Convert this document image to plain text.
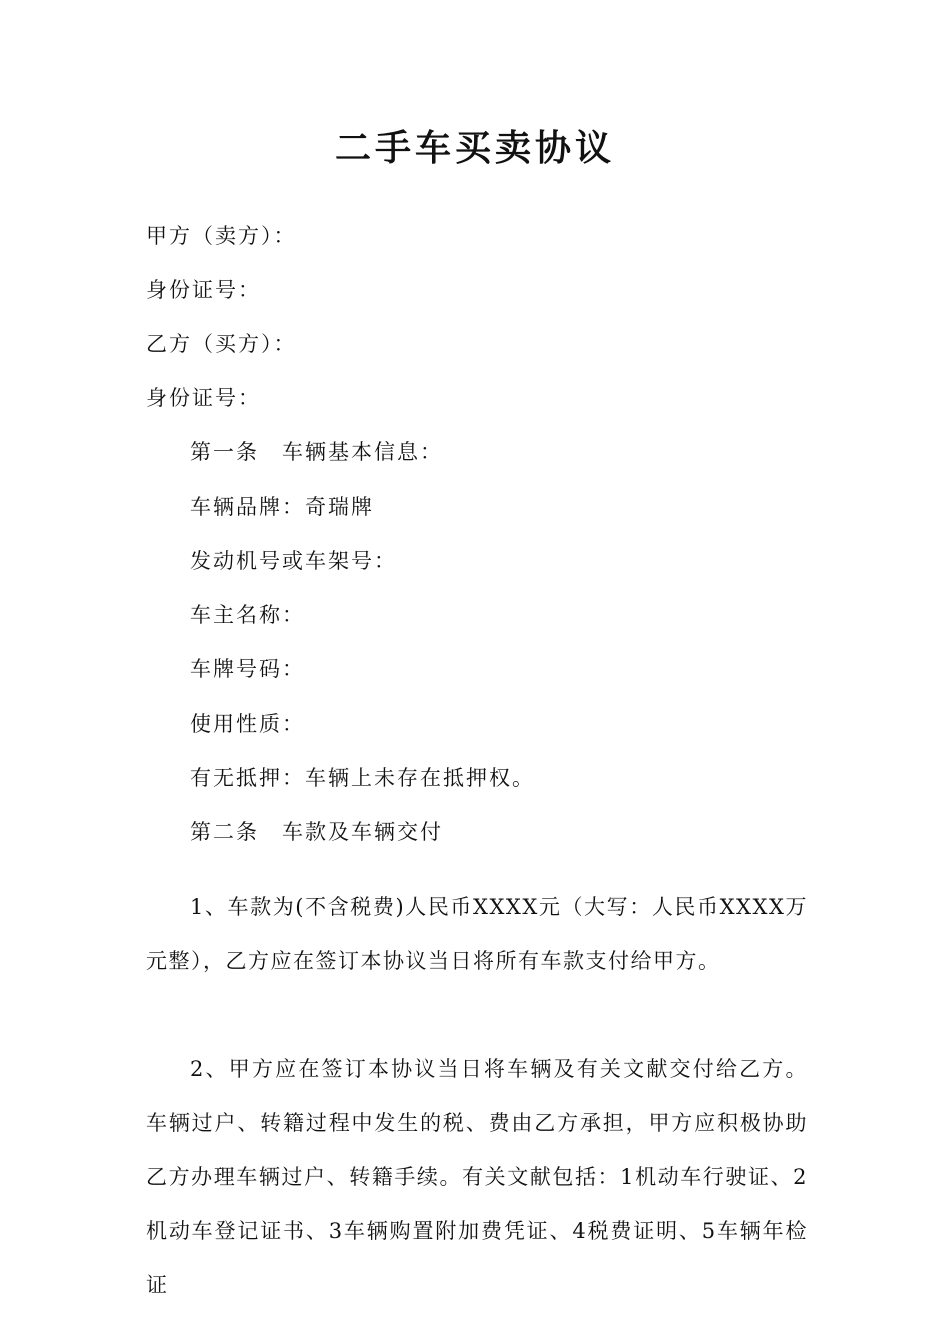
二手车买卖协议
甲方（卖方）：
身份证号：
乙方（买方）：
身份证号：
第一条　车辆基本信息：
车辆品牌：奇瑞牌
发动机号或车架号：
车主名称：
车牌号码：
使用性质：
有无抵押：车辆上未存在抵押权。
第二条　车款及车辆交付

1、车款为(不含税费)人民币XXXX元（大写：人民币XXXX万元整），乙方应在签订本协议当日将所有车款支付给甲方。

2、甲方应在签订本协议当日将车辆及有关文献交付给乙方。车辆过户、转籍过程中发生的税、费由乙方承担，甲方应积极协助乙方办理车辆过户、转籍手续。有关文献包括：1机动车行驶证、2机动车登记证书、3车辆购置附加费凭证、4税费证明、5车辆年检证
